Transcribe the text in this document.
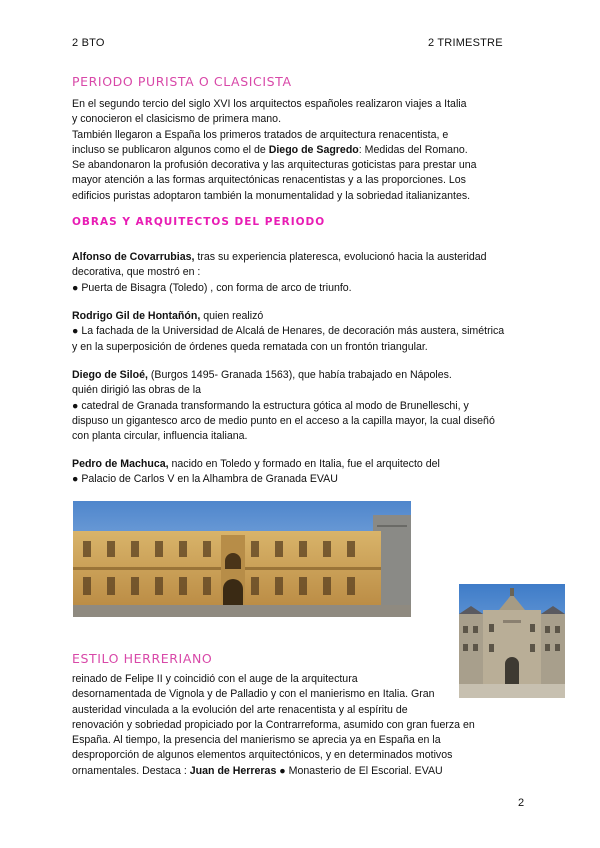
2 BTO	2 TRIMESTRE
PERIODO PURISTA O CLASICISTA
En el segundo tercio del siglo XVI los arquitectos españoles realizaron viajes a Italia
y conocieron el clasicismo de primera mano.
También llegaron a España los primeros tratados de arquitectura renacentista, e
incluso se publicaron algunos como el de Diego de Sagredo: Medidas del Romano.
Se abandonaron la profusión decorativa y las arquitecturas goticistas para prestar una
mayor atención a las formas arquitectónicas renacentistas y a las proporciones. Los
edificios puristas adoptaron también la monumentalidad y la sobriedad italianizantes.
OBRAS Y ARQUITECTOS DEL PERIODO
Alfonso de Covarrubias, tras su experiencia plateresca, evolucionó hacia la austeridad
decorativa, que mostró en :
● Puerta de Bisagra (Toledo) , con forma de arco de triunfo.
Rodrigo Gil de Hontañón, quien realizó
● La fachada de la Universidad de Alcalá de Henares, de decoración más austera, simétrica
y en la superposición de órdenes queda rematada con un frontón triangular.
Diego de Siloé, (Burgos 1495- Granada 1563), que había trabajado en Nápoles.
quién dirigió las obras de la
● catedral de Granada transformando la estructura gótica al modo de Brunelleschi, y
dispuso un gigantesco arco de medio punto en el acceso a la capilla mayor, la cual diseñó
con planta circular, influencia italiana.
Pedro de Machuca, nacido en Toledo y formado en Italia, fue el arquitecto del
● Palacio de Carlos V en la Alhambra de Granada EVAU
ESTILO HERRERIANO
reinado de Felipe II y coincidió con el auge de la arquitectura
desornamentada de Vignola y de Palladio y con el manierismo en Italia. Gran
austeridad vinculada a la evolución del arte renacentista y al espíritu de
renovación y sobriedad propiciado por la Contrarreforma, asumido con gran fuerza en
España. Al tiempo, la presencia del manierismo se aprecia ya en España en la
desproporción de algunos elementos arquitectónicos, y en determinados motivos
ornamentales. Destaca : Juan de Herreras ● Monasterio de El Escorial. EVAU
2
